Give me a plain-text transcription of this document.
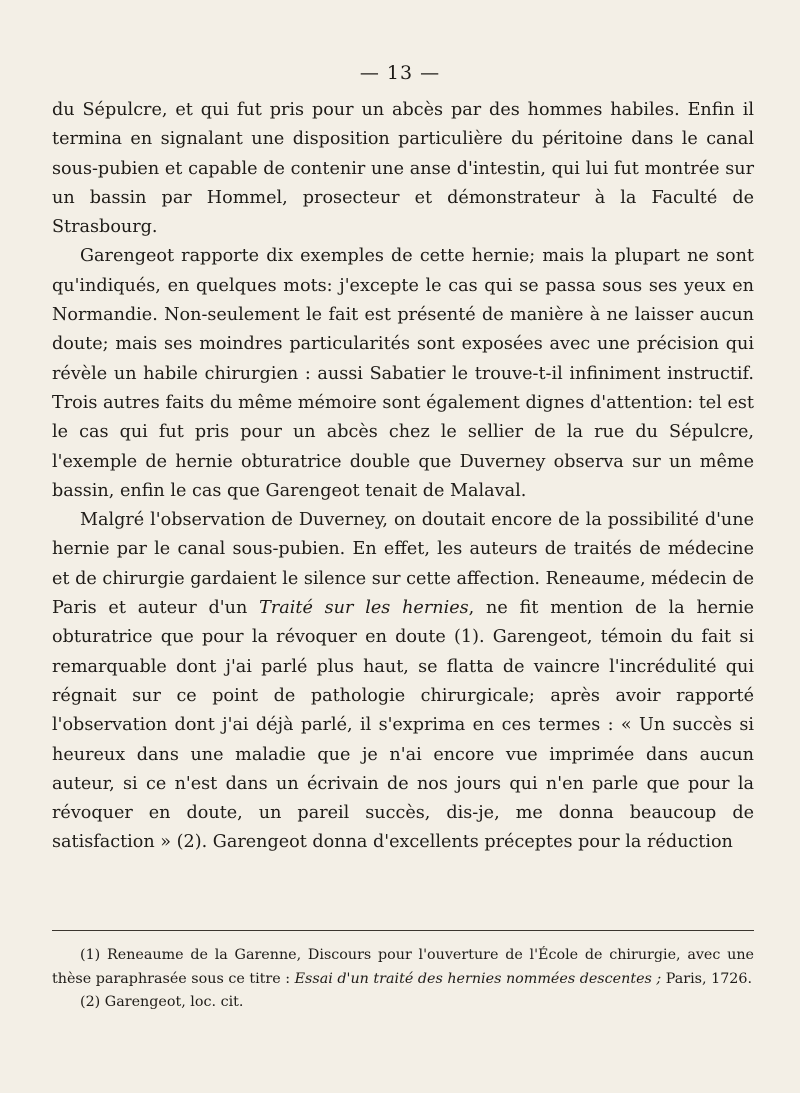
— 13 —

du Sépulcre, et qui fut pris pour un abcès par des hommes habiles. Enfin il termina en signalant une disposition particulière du péritoine dans le canal sous-pubien et capable de contenir une anse d'intestin, qui lui fut montrée sur un bassin par Hommel, prosecteur et démonstrateur à la Faculté de Strasbourg.

Garengeot rapporte dix exemples de cette hernie; mais la plupart ne sont qu'indiqués, en quelques mots: j'excepte le cas qui se passa sous ses yeux en Normandie. Non-seulement le fait est présenté de manière à ne laisser aucun doute; mais ses moindres particularités sont exposées avec une précision qui révèle un habile chirurgien : aussi Sabatier le trouve-t-il infiniment instructif. Trois autres faits du même mémoire sont également dignes d'attention: tel est le cas qui fut pris pour un abcès chez le sellier de la rue du Sépulcre, l'exemple de hernie obturatrice double que Duverney observa sur un même bassin, enfin le cas que Garengeot tenait de Malaval.

Malgré l'observation de Duverney, on doutait encore de la possibilité d'une hernie par le canal sous-pubien. En effet, les auteurs de traités de médecine et de chirurgie gardaient le silence sur cette affection. Reneaume, médecin de Paris et auteur d'un Traité sur les hernies, ne fit mention de la hernie obturatrice que pour la révoquer en doute (1). Garengeot, témoin du fait si remarquable dont j'ai parlé plus haut, se flatta de vaincre l'incrédulité qui régnait sur ce point de pathologie chirurgicale; après avoir rapporté l'observation dont j'ai déjà parlé, il s'exprima en ces termes : « Un succès si heureux dans une maladie que je n'ai encore vue imprimée dans aucun auteur, si ce n'est dans un écrivain de nos jours qui n'en parle que pour la révoquer en doute, un pareil succès, dis-je, me donna beaucoup de satisfaction » (2). Garengeot donna d'excellents préceptes pour la réduction

(1) Reneaume de la Garenne, Discours pour l'ouverture de l'École de chirurgie, avec une thèse paraphrasée sous ce titre : Essai d'un traité des hernies nommées descentes ; Paris, 1726.

(2) Garengeot, loc. cit.
